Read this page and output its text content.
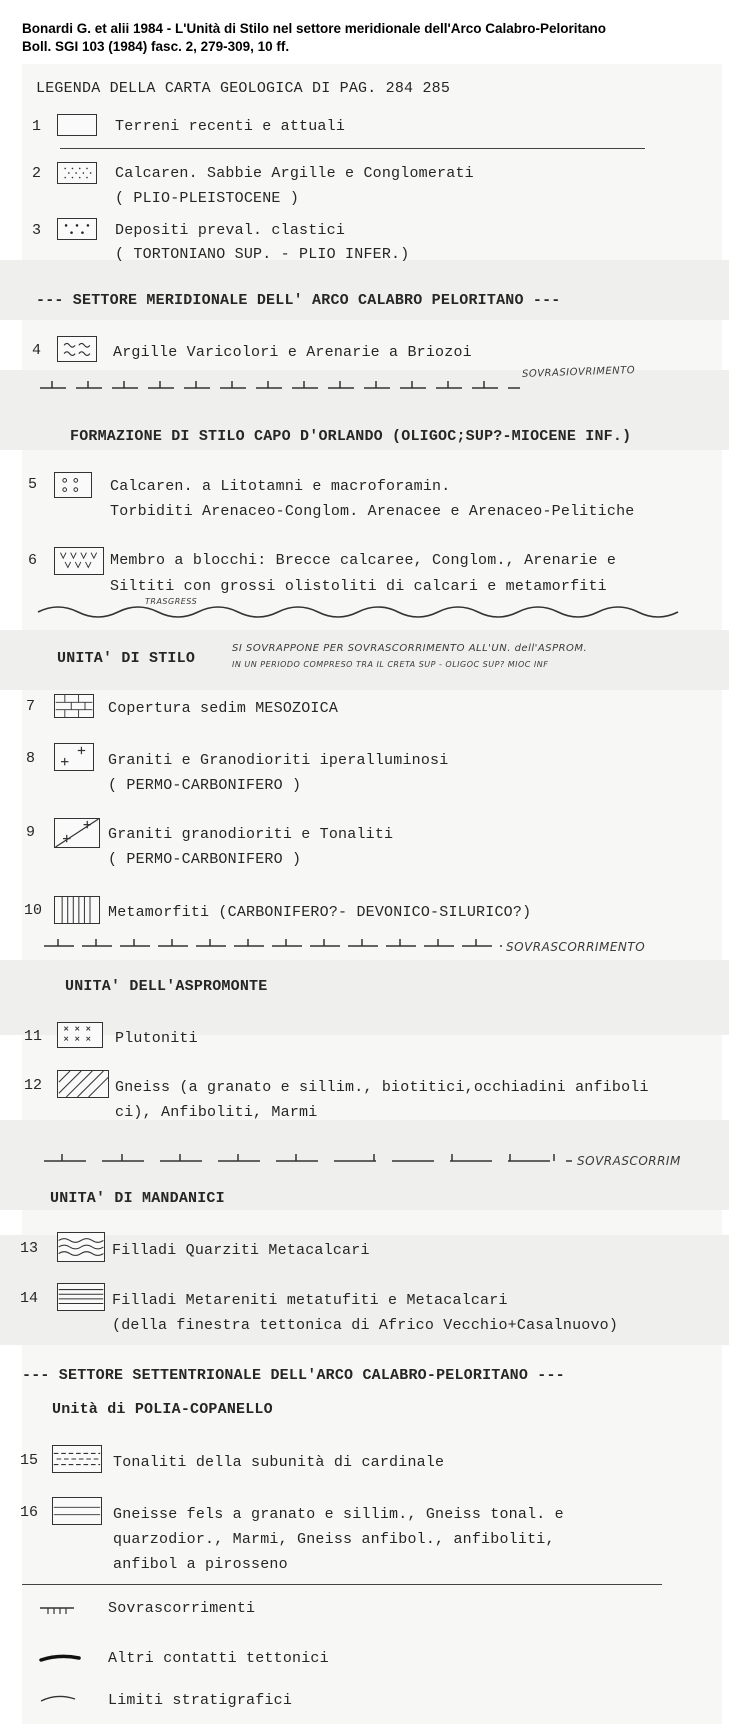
Bonardi G. et alii 1984 - L'Unità di Stilo nel settore meridionale dell'Arco Calabro-Peloritano
Boll. SGI 103 (1984) fasc. 2, 279-309, 10 ff.
LEGENDA DELLA CARTA GEOLOGICA DI PAG. 284 285
1	Terreni recenti e attuali
2	Calcaren. Sabbie Argille e Conglomerati
( PLIO-PLEISTOCENE )
3	Depositi preval. clastici
( TORTONIANO SUP. - PLIO INFER.)
--- SETTORE MERIDIONALE DELL' ARCO CALABRO PELORITANO ---
4	Argille Varicolori e Arenarie a Briozoi
SOVRASIOVRIMENTO
FORMAZIONE DI STILO CAPO D'ORLANDO (OLIGOC;SUP?-MIOCENE INF.)
5	Calcaren. a Litotamni e macroforamin.
Torbiditi Arenaceo-Conglom. Arenacee e Arenaceo-Pelitiche
6	Membro a blocchi: Brecce calcaree, Conglom., Arenarie e
Siltiti con grossi olistoliti di calcari e metamorfiti
TRASGRESS
UNITA' DI STILO
SI SOVRAPPONE PER SOVRASCORRIMENTO ALL'UN. dell'ASPROM.
IN UN PERIODO COMPRESO TRA IL CRETA SUP - OLIGOC SUP? MIOC INF
7	Copertura sedim MESOZOICA
8	Graniti e Granodioriti iperalluminosi
( PERMO-CARBONIFERO )
9	Graniti granodioriti e Tonaliti
( PERMO-CARBONIFERO )
10	Metamorfiti (CARBONIFERO?- DEVONICO-SILURICO?)
SOVRASCORRIMENTO
UNITA' DELL'ASPROMONTE
11	Plutoniti
12	Gneiss (a granato e sillim., biotitici,occhiadini anfiboli
ci), Anfiboliti, Marmi
SOVRASCORRIM
UNITA' DI MANDANICI
13	Filladi Quarziti Metacalcari
14	Filladi Metareniti metatufiti e Metacalcari
(della finestra tettonica di Africo Vecchio+Casalnuovo)
--- SETTORE SETTENTRIONALE DELL'ARCO CALABRO-PELORITANO ---
Unità di POLIA-COPANELLO
15	Tonaliti della subunità di cardinale
16	Gneisse fels a granato e sillim., Gneiss tonal. e
quarzodior., Marmi, Gneiss anfibol., anfiboliti,
anfibol a pirosseno
Sovrascorrimenti
Altri contatti tettonici
Limiti stratigrafici
